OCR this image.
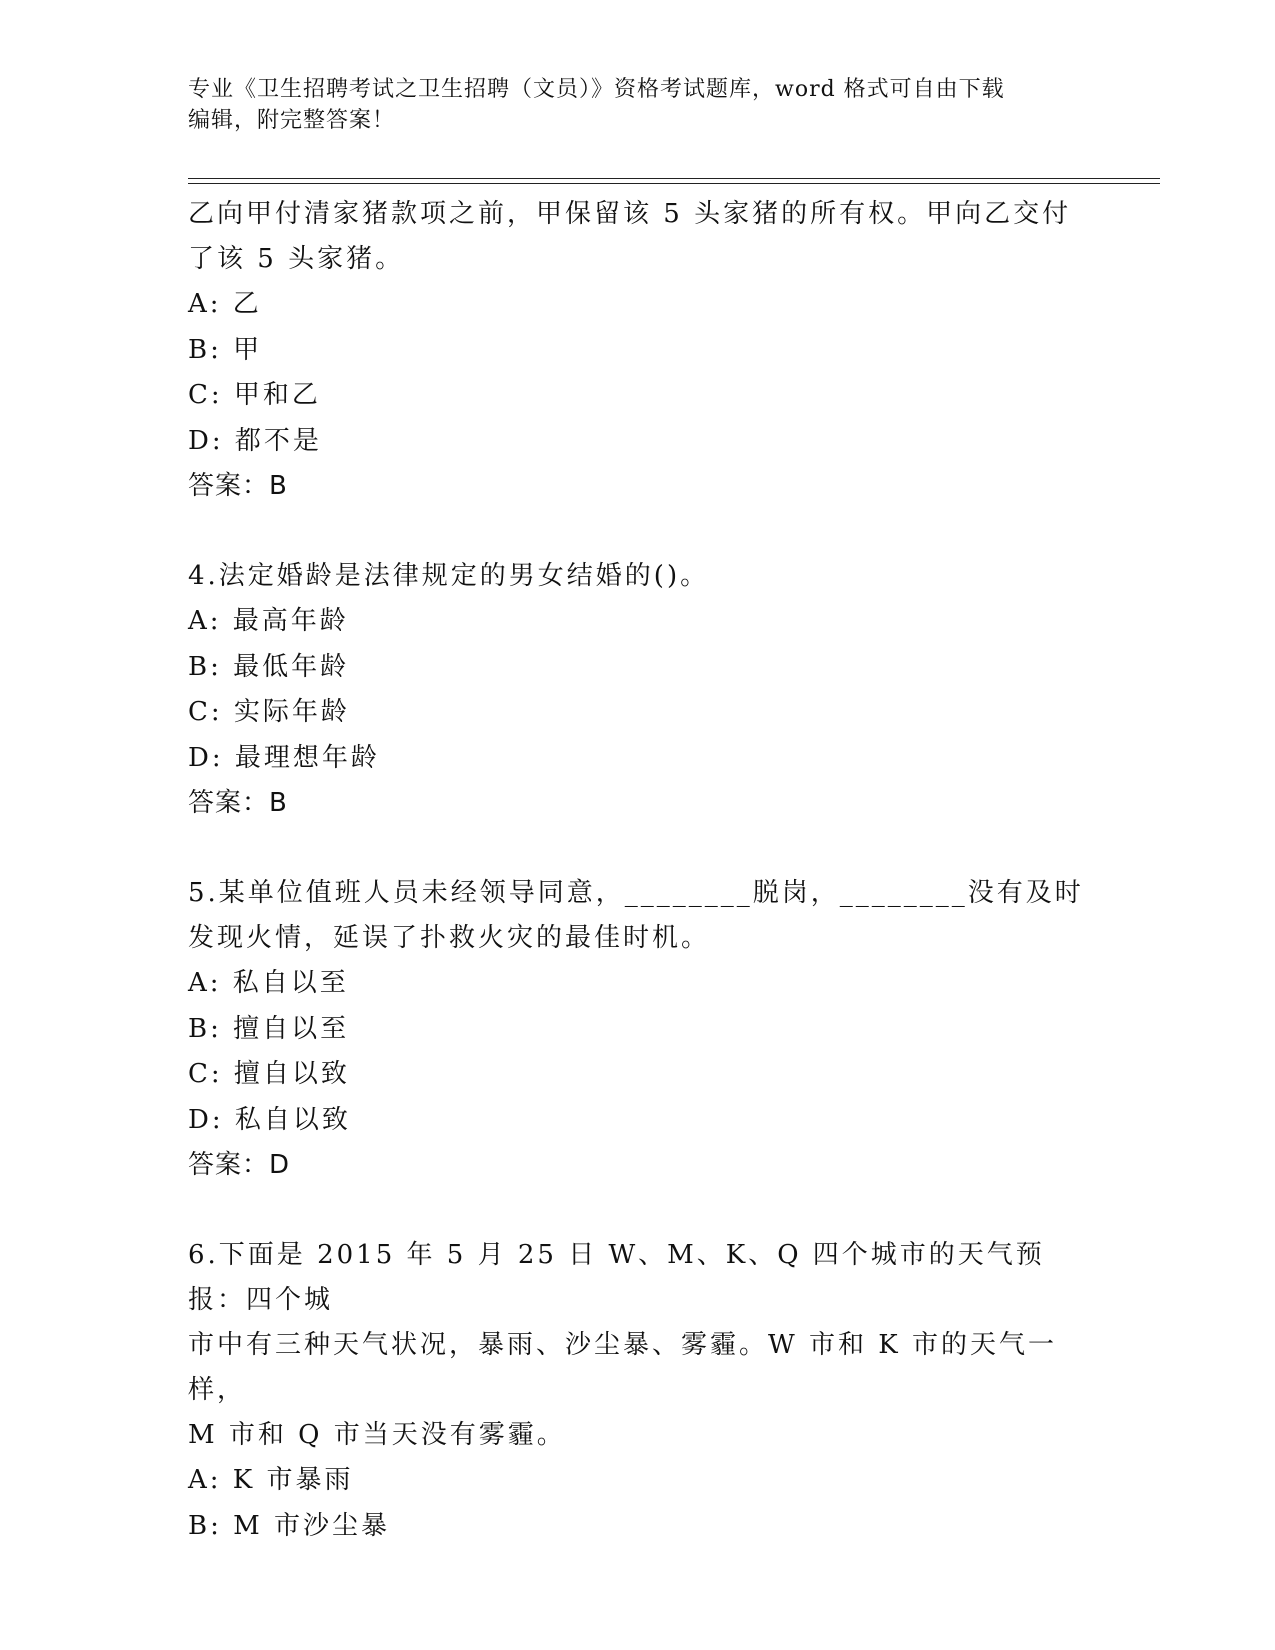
专业《卫生招聘考试之卫生招聘（文员）》资格考试题库，word 格式可自由下载
编辑，附完整答案！
乙向甲付清家猪款项之前，甲保留该 5 头家猪的所有权。甲向乙交付
了该 5 头家猪。
A: 乙
B: 甲
C: 甲和乙
D: 都不是
答案：B
4.法定婚龄是法律规定的男女结婚的()。
A: 最高年龄
B: 最低年龄
C: 实际年龄
D: 最理想年龄
答案：B
5.某单位值班人员未经领导同意，________脱岗，________没有及时
发现火情，延误了扑救火灾的最佳时机。
A: 私自以至
B: 擅自以至
C: 擅自以致
D: 私自以致
答案：D
6.下面是 2015 年 5 月 25 日 W、M、K、Q 四个城市的天气预报：四个城
市中有三种天气状况，暴雨、沙尘暴、雾霾。W 市和 K 市的天气一样，
M 市和 Q 市当天没有雾霾。
A: K 市暴雨
B: M 市沙尘暴
